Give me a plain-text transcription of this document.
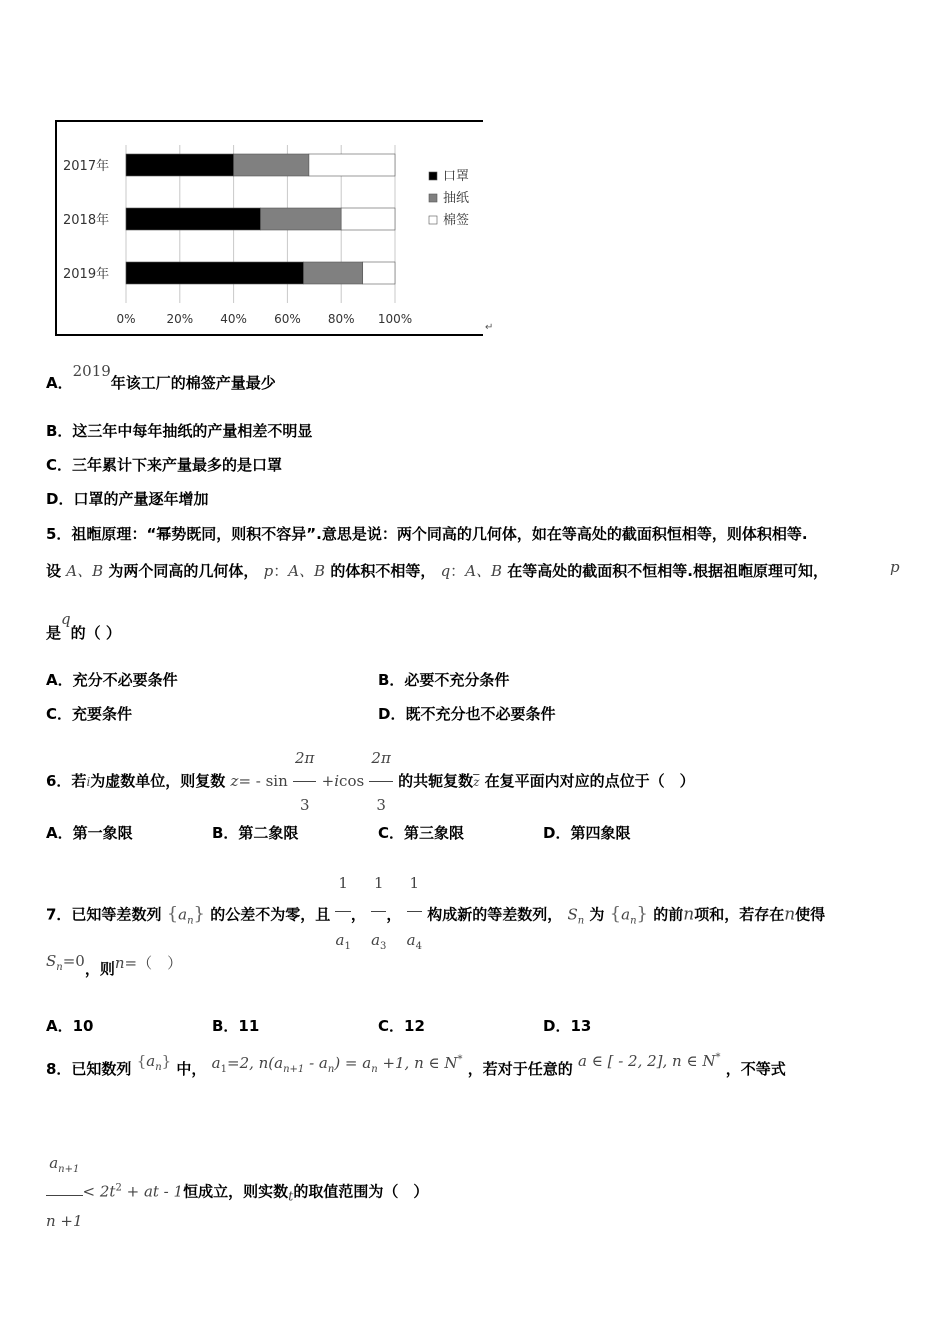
0%	20% 40% 60% 80% 100%
2017年
2018年
2019年
口罩
抽纸
棉签
↵
A．2019年该工厂的棉签产量最少
B．这三年中每年抽纸的产量相差不明显
C．三年累计下来产量最多的是口罩
D．口罩的产量逐年增加
5．祖暅原理：“幂势既同，则积不容异”.意思是说：两个同高的几何体，如在等高处的截面积恒相等，则体积相等.
设 A、B 为两个同高的几何体， p：A、B 的体积不相等， q：A、B 在等高处的截面积不恒相等.根据祖暅原理可知，	p
是q的（ ）
A．充分不必要条件	B．必要不充分条件
C．充要条件	D．既不充分也不必要条件
6．若i为虚数单位，则复数 $z= - \sin \frac{2\pi}{3} +icos \frac{2\pi}{3}$ 的共轭复数$\overline{z}$ 在复平面内对应的点位于（　）
A．第一象限	B．第二象限	C．第三象限	D．第四象限
7．已知等差数列 $\{a_n\}$ 的公差不为零，且 $\frac{1}{a_1}$ ， $\frac{1}{a_3}$ ， $\frac{1}{a_4}$ 构成新的等差数列， $S_n$ 为 $\{a_n\}$ 的前n项和，若存在n使得
$S_n=0$，则n=（　）
A．10	B．11	C．12	D．13
8．已知数列 $\{a_n\}$ 中， $a_1=2$, $n(a_{n+1} - a_n) = a_n +1$, n ∈ N* ，若对于任意的 a ∈ [ - 2, 2], n ∈ N* ，不等式
$\frac{a_{n+1}}{n +1} < 2t^2$ + at - 1恒成立，则实数$_t$的取值范围为（　）
